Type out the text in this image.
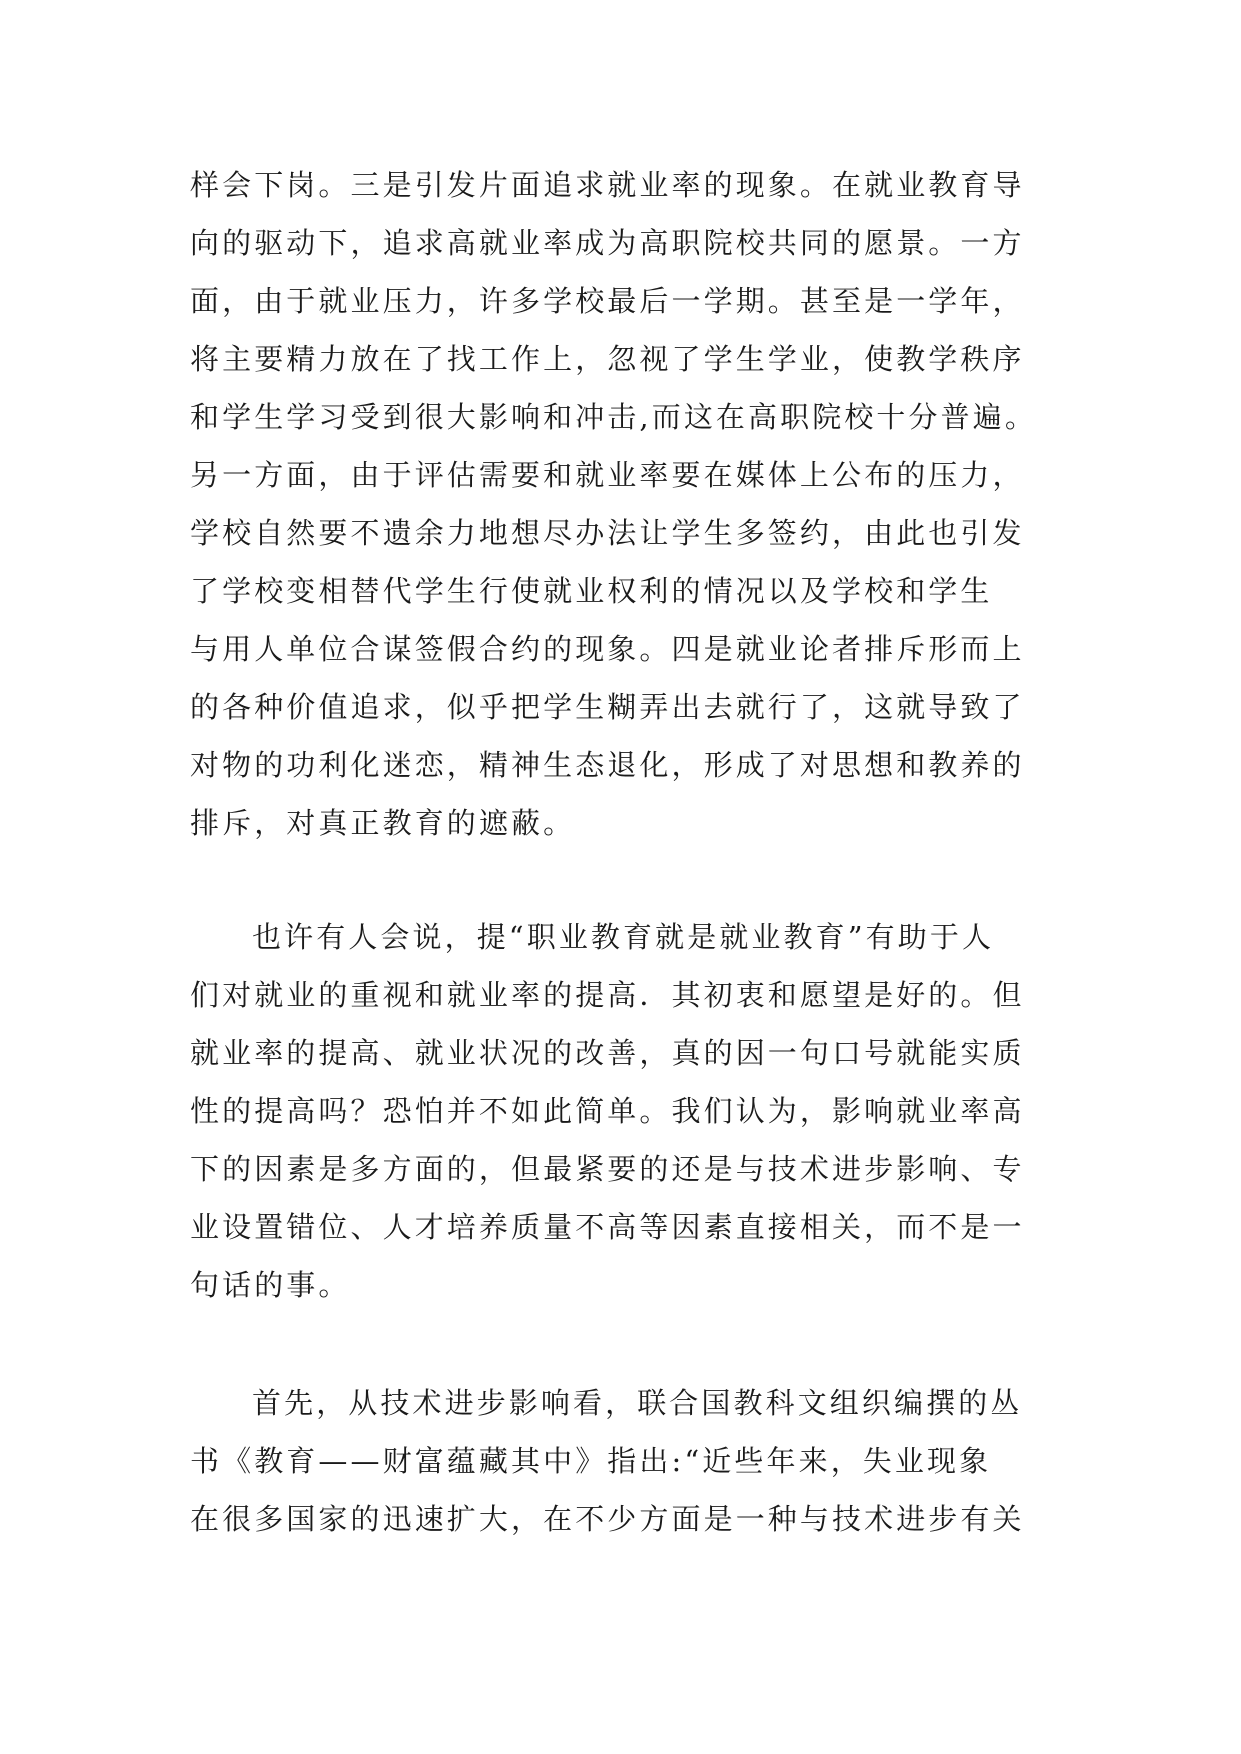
样会下岗。三是引发片面追求就业率的现象。在就业教育导
向的驱动下，追求高就业率成为高职院校共同的愿景。一方
面，由于就业压力，许多学校最后一学期。甚至是一学年，
将主要精力放在了找工作上，忽视了学生学业，使教学秩序
和学生学习受到很大影响和冲击,而这在高职院校十分普遍。
另一方面，由于评估需要和就业率要在媒体上公布的压力，
学校自然要不遗余力地想尽办法让学生多签约，由此也引发
了学校变相替代学生行使就业权利的情况以及学校和学生
与用人单位合谋签假合约的现象。四是就业论者排斥形而上
的各种价值追求，似乎把学生糊弄出去就行了，这就导致了
对物的功利化迷恋，精神生态退化，形成了对思想和教养的
排斥，对真正教育的遮蔽。
也许有人会说，提“职业教育就是就业教育”有助于人
们对就业的重视和就业率的提高．其初衷和愿望是好的。但
就业率的提高、就业状况的改善，真的因一句口号就能实质
性的提高吗？恐怕并不如此简单。我们认为，影响就业率高
下的因素是多方面的，但最紧要的还是与技术进步影响、专
业设置错位、人才培养质量不高等因素直接相关，而不是一
句话的事。
首先，从技术进步影响看，联合国教科文组织编撰的丛
书《教育——财富蕴藏其中》指出:“近些年来，失业现象
在很多国家的迅速扩大，在不少方面是一种与技术进步有关
